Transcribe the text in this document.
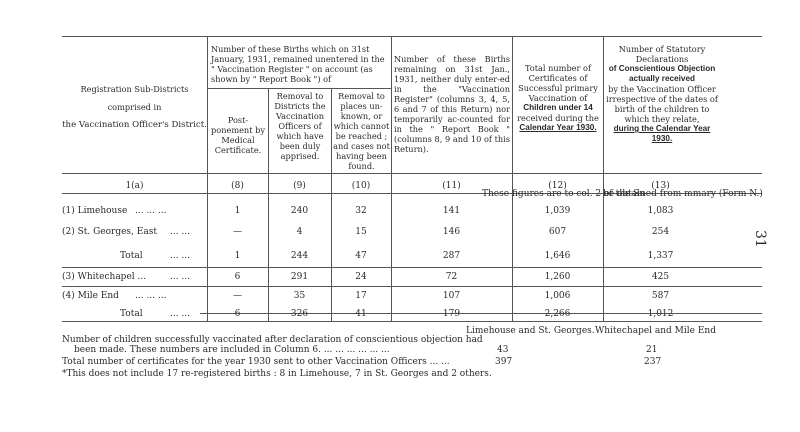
Registration Sub-Districts
comprised in
the Vaccination Officer's District.
Number of these Births which on 31st January, 1931, remained unentered in the " Vaccination Register " on account (as shown by " Report Book ") of
Post-ponement by Medical Certificate.
Removal to Districts the Vaccination Officers of which have been duly apprised.
Removal to places un-known, or which cannot be reached ; and cases not having been found.
Number of these Births remaining on 31st Jan., 1931, neither duly enter-ed in the "Vaccination Register" (columns 3, 4, 5, 6 and 7 of this Return) nor temporarily ac-counted for in the " Report Book " (columns 8, 9 and 10 of this Return).
Total number of Certificates of Successful primary Vaccination of
Children under 14
received during the
Calendar Year 1930.
Number of Statutory Declarations
of Conscientious Objection actually received
by the Vaccination Officer irrespective of the dates of birth of the children to which they relate,
during the Calendar Year 1930.
1(a)	(8)	(9)	(10)	(11)	(12)	(13)
These figures are to col. 2 of the Su
be obtained from mmary (Form N.)
(1) Limehouse ... ... ...	1	240	32	141	1,039	1,083
(2) St. Georges, East ... ...	—	4	15	146	607	254
Total	... ...	1	244	47	287	1,646	1,337
(3) Whitechapel ...	... ...	6	291	24	72	1,260	425
(4) Mile End ... ... ...	—	35	17	107	1,006	587
Total	... ...	6	326	41	179	2,266	1,012
Limehouse and St. Georges. Whitechapel and Mile End
Number of children successfully vaccinated after declaration of conscientious objection had
been made. These numbers are included in Column 6. ... ... ... ... ... ...	43	21
Total number of certificates for the year 1930 sent to other Vaccination Officers ... ...	397	237
*This does not include 17 re-registered births : 8 in Limehouse, 7 in St. Georges and 2 others.
31
